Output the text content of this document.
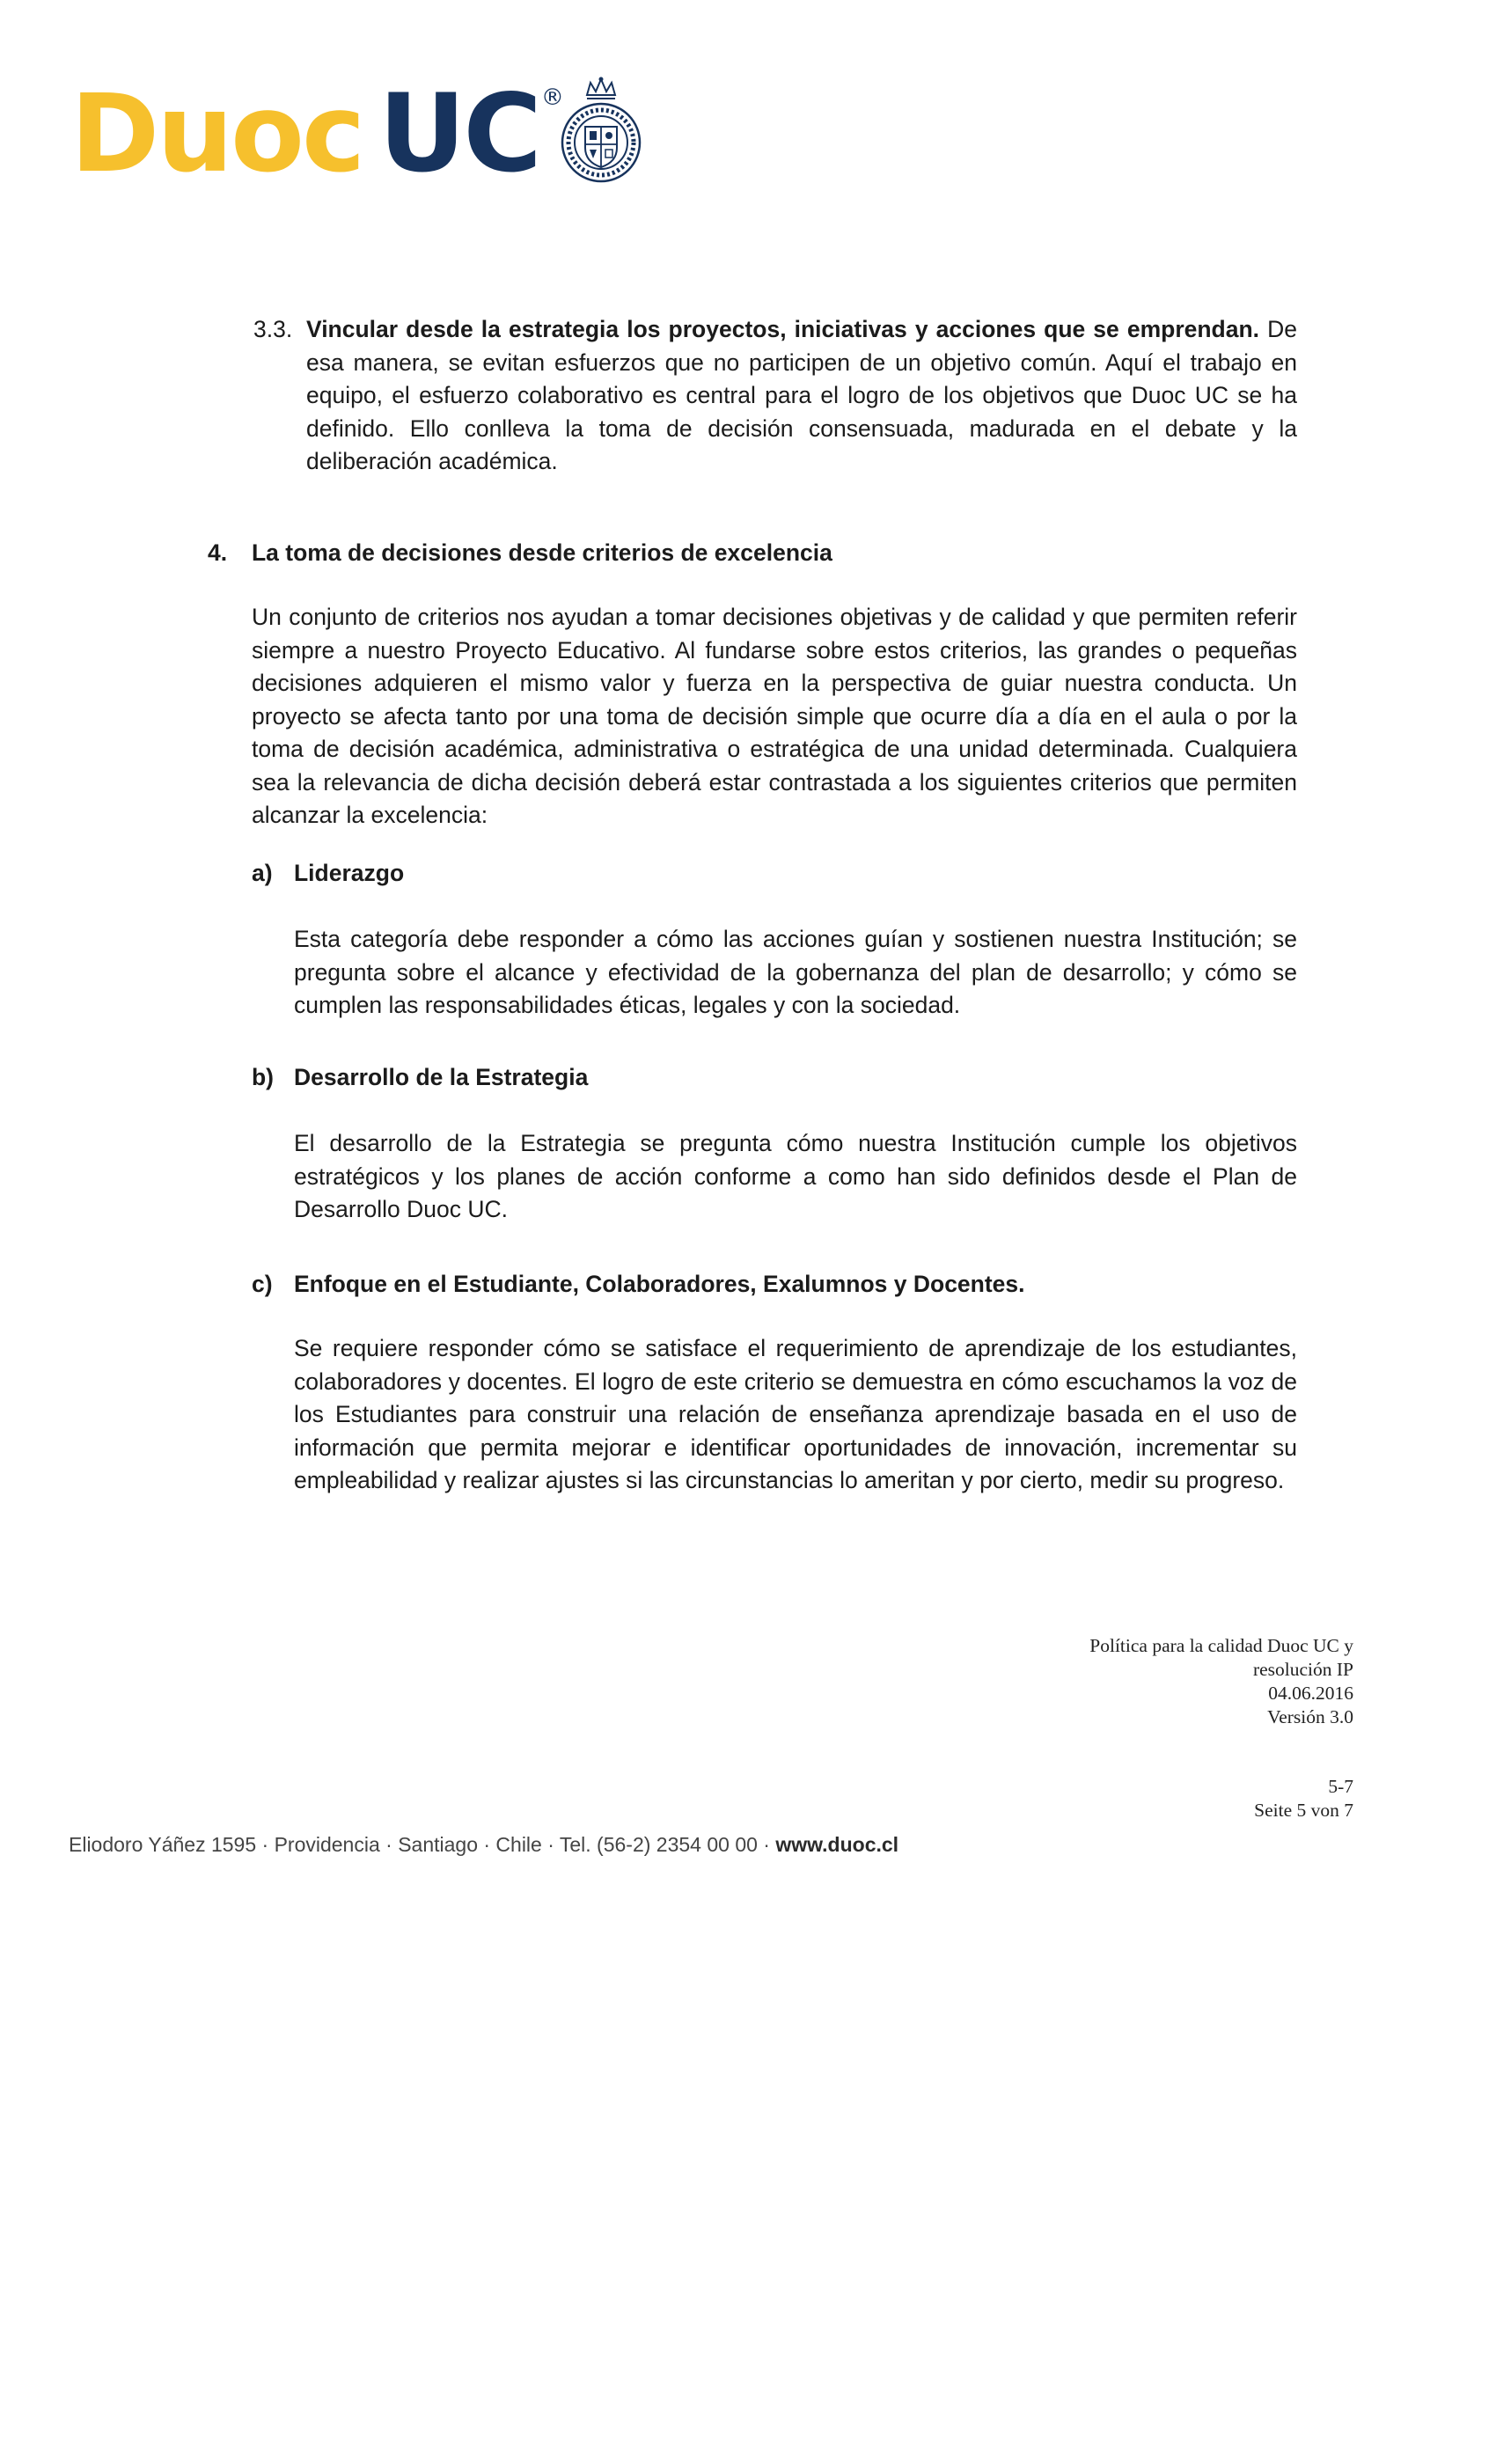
Duoc UC ®

3.3. Vincular desde la estrategia los proyectos, iniciativas y acciones que se emprendan. De esa manera, se evitan esfuerzos que no participen de un objetivo común. Aquí el trabajo en equipo, el esfuerzo colaborativo es central para el logro de los objetivos que Duoc UC se ha definido. Ello conlleva la toma de decisión consensuada, madurada en el debate y la deliberación académica.

4. La toma de decisiones desde criterios de excelencia

Un conjunto de criterios nos ayudan a tomar decisiones objetivas y de calidad y que permiten referir siempre a nuestro Proyecto Educativo. Al fundarse sobre estos criterios, las grandes o pequeñas decisiones adquieren el mismo valor y fuerza en la perspectiva de guiar nuestra conducta. Un proyecto se afecta tanto por una toma de decisión simple que ocurre día a día en el aula o por la toma de decisión académica, administrativa o estratégica de una unidad determinada. Cualquiera sea la relevancia de dicha decisión deberá estar contrastada a los siguientes criterios que permiten alcanzar la excelencia:

a) Liderazgo

Esta categoría debe responder a cómo las acciones guían y sostienen nuestra Institución; se pregunta sobre el alcance y efectividad de la gobernanza del plan de desarrollo; y cómo se cumplen las responsabilidades éticas, legales y con la sociedad.

b) Desarrollo de la Estrategia

El desarrollo de la Estrategia se pregunta cómo nuestra Institución cumple los objetivos estratégicos y los planes de acción conforme a como han sido definidos desde el Plan de Desarrollo Duoc UC.

c) Enfoque en el Estudiante, Colaboradores, Exalumnos y Docentes.

Se requiere responder cómo se satisface el requerimiento de aprendizaje de los estudiantes, colaboradores y docentes. El logro de este criterio se demuestra en cómo escuchamos la voz de los Estudiantes para construir una relación de enseñanza aprendizaje basada en el uso de información que permita mejorar e identificar oportunidades de innovación, incrementar su empleabilidad y realizar ajustes si las circunstancias lo ameritan y por cierto, medir su progreso.

Política para la calidad Duoc UC y
resolución IP
04.06.2016
Versión 3.0
5-7
Seite 5 von 7
Eliodoro Yáñez 1595 · Providencia · Santiago · Chile · Tel. (56-2) 2354 00 00 · www.duoc.cl
